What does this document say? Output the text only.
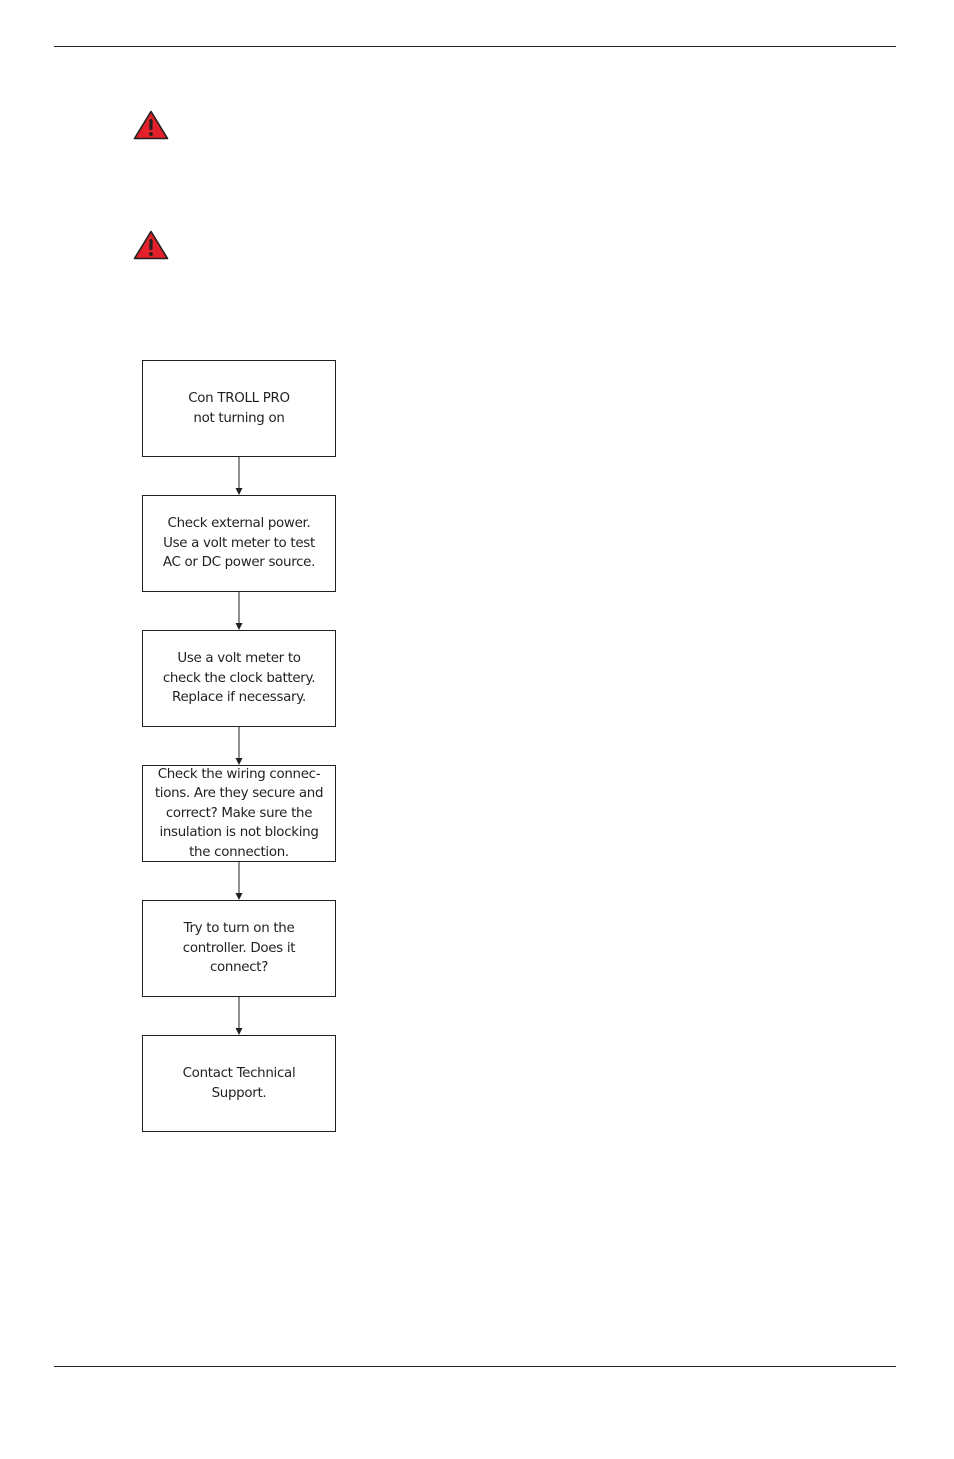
Con TROLL PRO
not turning on
Check external power.
Use a volt meter to test
AC or DC power source.
Use a volt meter to
check the clock battery.
Replace if necessary.
Check the wiring connec-
tions. Are they secure and
correct? Make sure the
insulation is not blocking
the connection.
Try to turn on the
controller. Does it
connect?
Contact Technical
Support.
